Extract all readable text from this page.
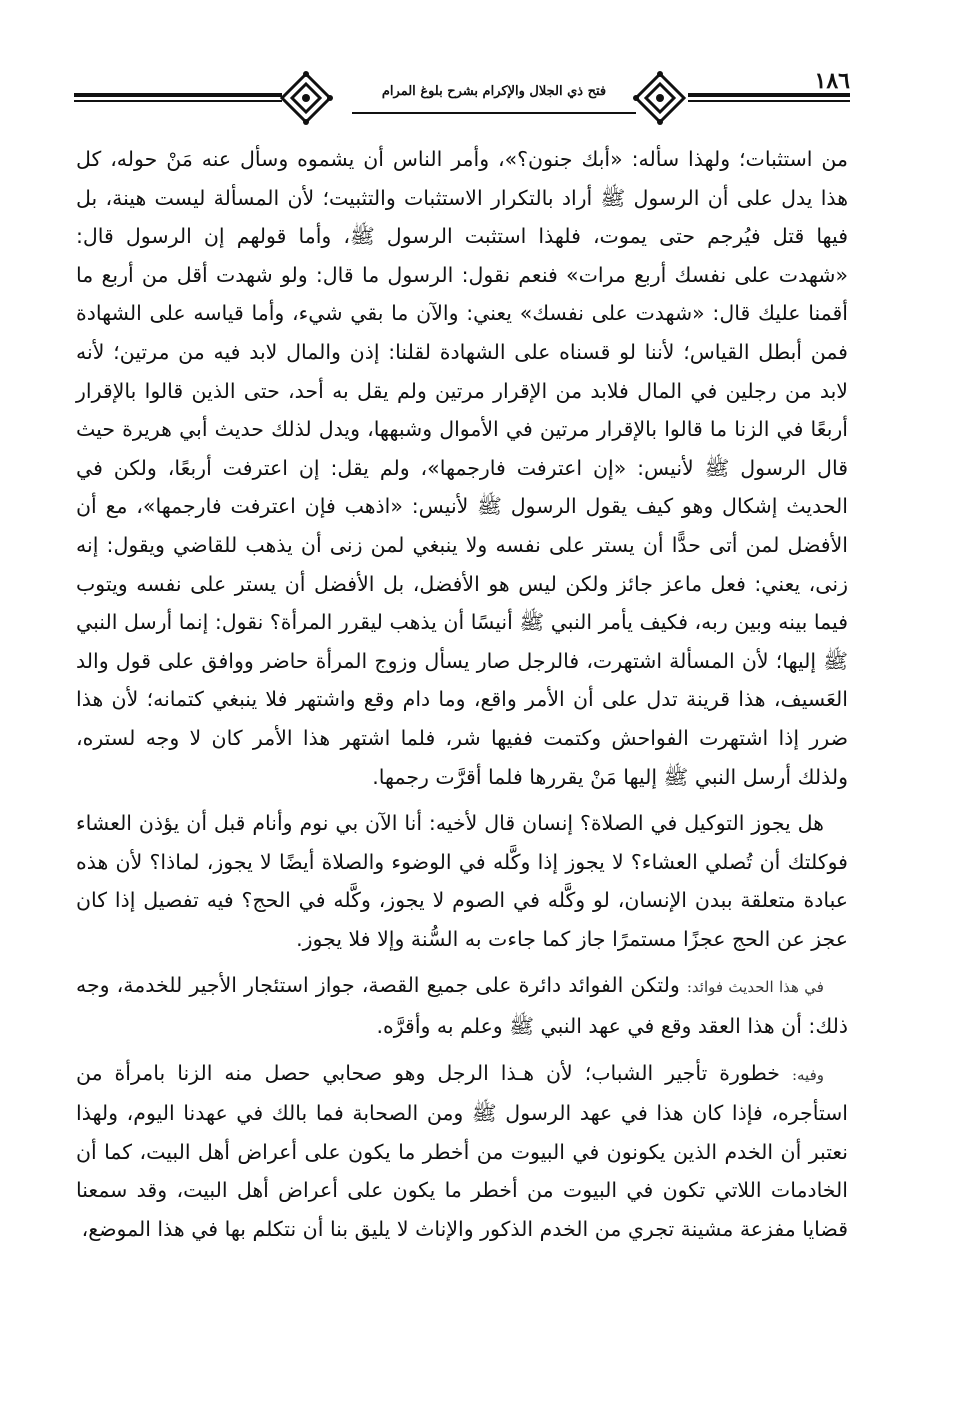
فتح ذي الجلال والإكرام بشرح بلوغ المرام	١٨٦

من استثبات؛ ولهذا سأله: «أبك جنون؟»، وأمر الناس أن يشموه وسأل عنه مَنْ حوله، كل هذا يدل على أن الرسول ﷺ أراد بالتكرار الاستثبات والتثبيت؛ لأن المسألة ليست هينة، بل فيها قتل فيُرجم حتى يموت، فلهذا استثبت الرسول ﷺ، وأما قولهم إن الرسول قال: «شهدت على نفسك أربع مرات» فنعم نقول: الرسول ما قال: ولو شهدت أقل من أربع ما أقمنا عليك قال: «شهدت على نفسك» يعني: والآن ما بقي شيء، وأما قياسه على الشهادة فمن أبطل القياس؛ لأننا لو قسناه على الشهادة لقلنا: إذن والمال لابد فيه من مرتين؛ لأنه لابد من رجلين في المال فلابد من الإقرار مرتين ولم يقل به أحد، حتى الذين قالوا بالإقرار أربعًا في الزنا ما قالوا بالإقرار مرتين في الأموال وشبهها، ويدل لذلك حديث أبي هريرة حيث قال الرسول ﷺ لأنيس: «إن اعترفت فارجمها»، ولم يقل: إن اعترفت أربعًا، ولكن في الحديث إشكال وهو كيف يقول الرسول ﷺ لأنيس: «اذهب فإن اعترفت فارجمها»، مع أن الأفضل لمن أتى حدًّا أن يستر على نفسه ولا ينبغي لمن زنى أن يذهب للقاضي ويقول: إنه زنى، يعني: فعل ماعز جائز ولكن ليس هو الأفضل، بل الأفضل أن يستر على نفسه ويتوب فيما بينه وبين ربه، فكيف يأمر النبي ﷺ أنيسًا أن يذهب ليقرر المرأة؟ نقول: إنما أرسل النبي ﷺ إليها؛ لأن المسألة اشتهرت، فالرجل صار يسأل وزوج المرأة حاضر ووافق على قول والد العَسيف، هذا قرينة تدل على أن الأمر واقع، وما دام وقع واشتهر فلا ينبغي كتمانه؛ لأن هذا ضرر إذا اشتهرت الفواحش وكتمت ففيها شر، فلما اشتهر هذا الأمر كان لا وجه لستره، ولذلك أرسل النبي ﷺ إليها مَنْ يقررها فلما أقرَّت رجمها.

هل يجوز التوكيل في الصلاة؟ إنسان قال لأخيه: أنا الآن بي نوم وأنام قبل أن يؤذن العشاء فوكلتك أن تُصلي العشاء؟ لا يجوز إذا وكَّله في الوضوء والصلاة أيضًا لا يجوز، لماذا؟ لأن هذه عبادة متعلقة ببدن الإنسان، لو وكَّله في الصوم لا يجوز، وكَّله في الحج؟ فيه تفصيل إذا كان عجز عن الحج عجزًا مستمرًا جاز كما جاءت به السُّنة وإلا فلا يجوز.

في هذا الحديث فوائد: ولتكن الفوائد دائرة على جميع القصة، جواز استئجار الأجير للخدمة، وجه ذلك: أن هذا العقد وقع في عهد النبي ﷺ وعلم به وأقرَّه.

وفيه: خطورة تأجير الشباب؛ لأن هـذا الرجل وهو صحابي حصل منه الزنا بامرأة من استأجره، فإذا كان هذا في عهد الرسول ﷺ ومن الصحابة فما بالك في عهدنا اليوم، ولهذا نعتبر أن الخدم الذين يكونون في البيوت من أخطر ما يكون على أعراض أهل البيت، كما أن الخادمات اللاتي تكون في البيوت من أخطر ما يكون على أعراض أهل البيت، وقد سمعنا قضايا مفزعة مشينة تجري من الخدم الذكور والإناث لا يليق بنا أن نتكلم بها في هذا الموضع،
